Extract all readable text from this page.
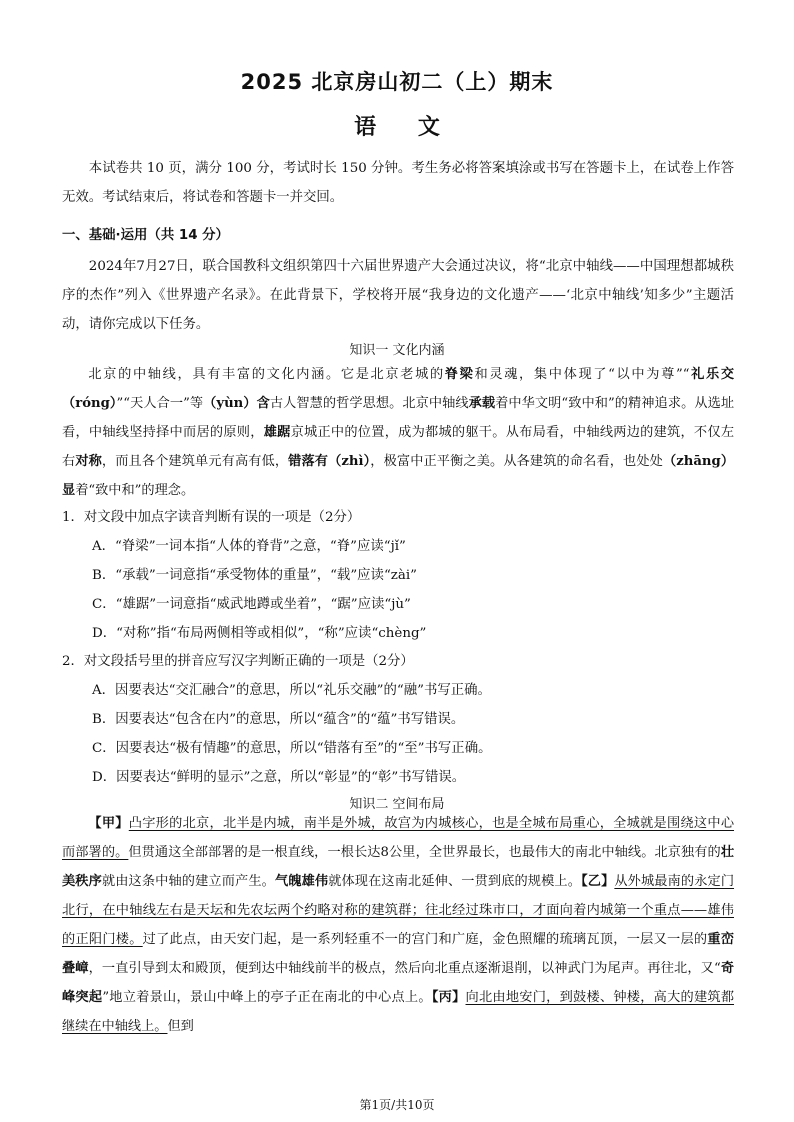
2025 北京房山初二（上）期末
语 文

本试卷共 10 页，满分 100 分，考试时长 150 分钟。考生务必将答案填涂或书写在答题卡上，在试卷上作答无效。考试结束后，将试卷和答题卡一并交回。

一、基础·运用（共 14 分）

2024年7月27日，联合国教科文组织第四十六届世界遗产大会通过决议，将“北京中轴线——中国理想都城秩序的杰作”列入《世界遗产名录》。在此背景下，学校将开展“我身边的文化遗产——‘北京中轴线’知多少”主题活动，请你完成以下任务。

知识一 文化内涵

北京的中轴线，具有丰富的文化内涵。它是北京老城的脊梁和灵魂，集中体现了“以中为尊”“礼乐交（róng）”“天人合一”等（yùn）含古人智慧的哲学思想。北京中轴线承载着中华文明“致中和”的精神追求。从选址看，中轴线坚持择中而居的原则，雄踞京城正中的位置，成为都城的躯干。从布局看，中轴线两边的建筑，不仅左右对称，而且各个建筑单元有高有低，错落有（zhì），极富中正平衡之美。从各建筑的命名看，也处处（zhāng）显着“致中和”的理念。

1．对文段中加点字读音判断有误的一项是（2分）
A．“脊梁”一词本指“人体的脊背”之意，“脊”应读“jǐ”
B．“承载”一词意指“承受物体的重量”，“载”应读“zài”
C．“雄踞”一词意指“威武地蹲或坐着”，“踞”应读“jù”
D．“对称”指“布局两侧相等或相似”，“称”应读“chèng”
2．对文段括号里的拼音应写汉字判断正确的一项是（2分）
A．因要表达“交汇融合”的意思，所以“礼乐交融”的“融”书写正确。
B．因要表达“包含在内”的意思，所以“蕴含”的“蕴”书写错误。
C．因要表达“极有情趣”的意思，所以“错落有至”的“至”书写正确。
D．因要表达“鲜明的显示”之意，所以“彰显”的“彰”书写错误。
知识二 空间布局

【甲】凸字形的北京，北半是内城，南半是外城，故宫为内城核心，也是全城布局重心，全城就是围绕这中心而部署的。但贯通这全部部署的是一根直线，一根长达8公里，全世界最长，也最伟大的南北中轴线。北京独有的壮美秩序就由这条中轴的建立而产生。气魄雄伟就体现在这南北延伸、一贯到底的规模上。【乙】从外城最南的永定门北行，在中轴线左右是天坛和先农坛两个约略对称的建筑群；往北经过珠市口，才面向着内城第一个重点——雄伟的正阳门楼。过了此点，由天安门起，是一系列轻重不一的宫门和广庭，金色照耀的琉璃瓦顶，一层又一层的重峦叠嶂，一直引导到太和殿顶，便到达中轴线前半的极点，然后向北重点逐渐退削，以神武门为尾声。再往北，又“奇峰突起”地立着景山，景山中峰上的亭子正在南北的中心点上。【丙】向北由地安门，到鼓楼、钟楼，高大的建筑都继续在中轴线上。但到

第1页/共10页
